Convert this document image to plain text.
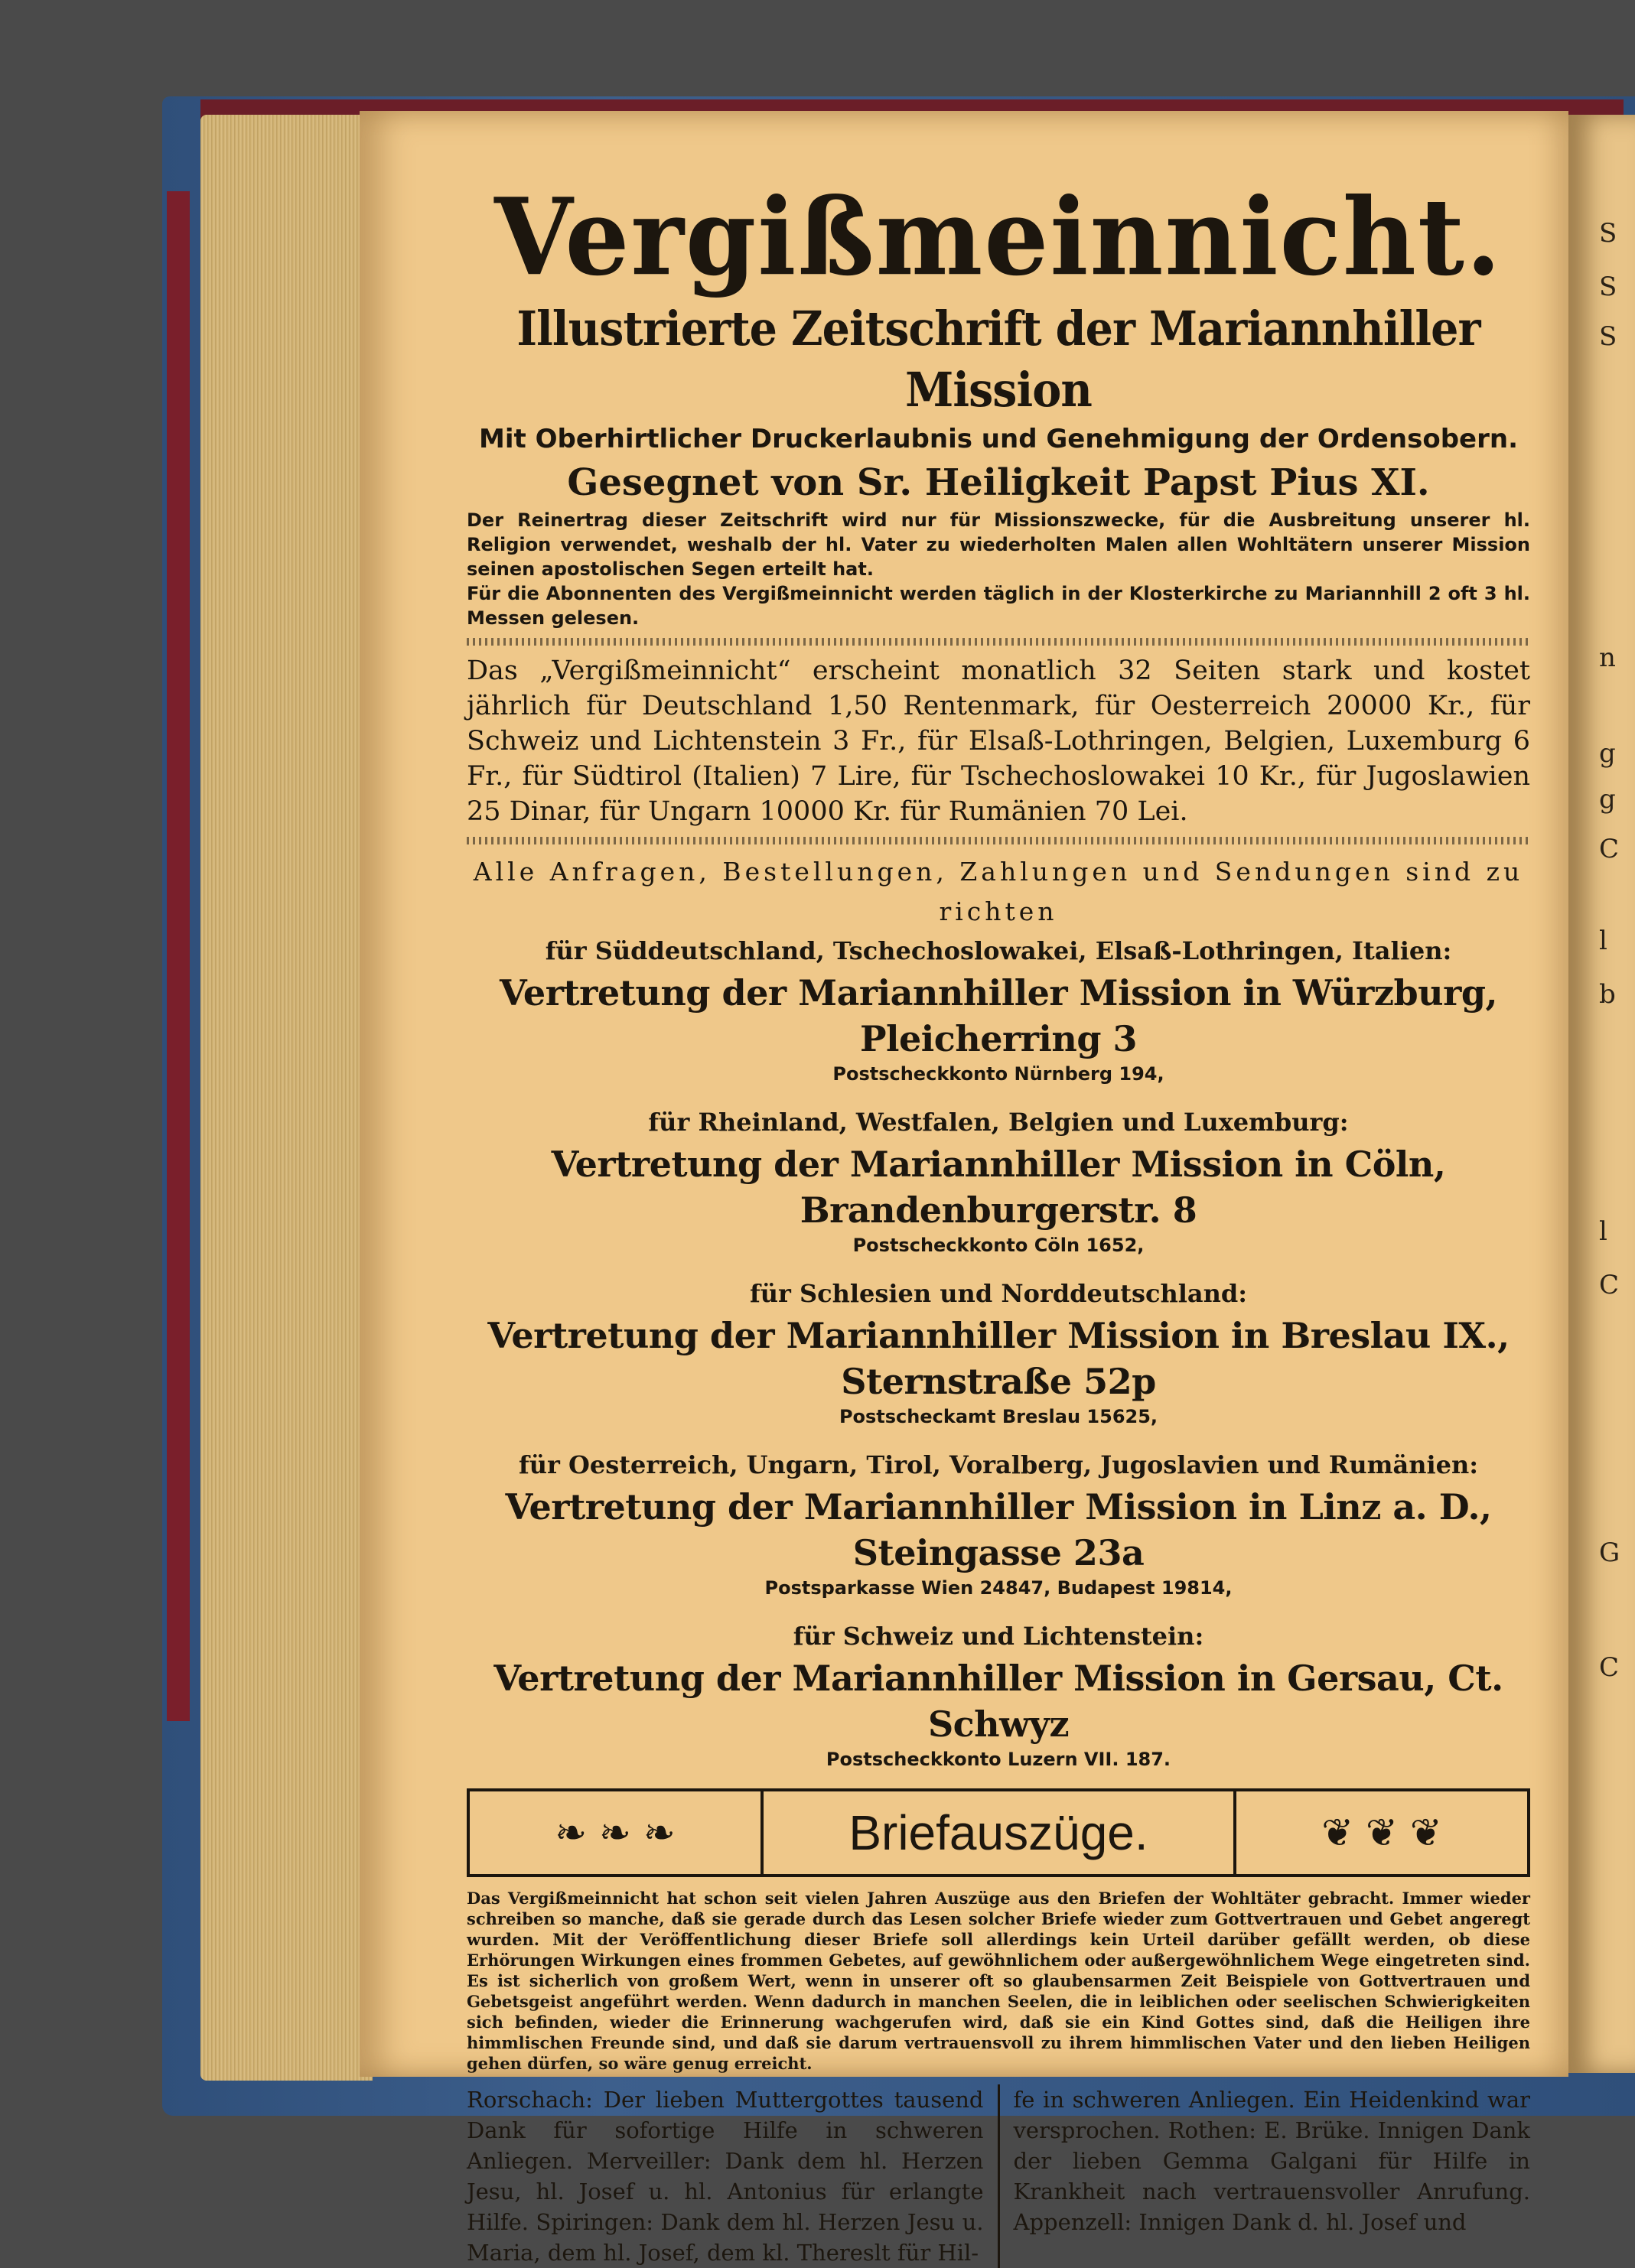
S
S
S
n
g
g
C
l
b
l
C
G
C
Vergißmeinnicht.
Illustrierte Zeitschrift der Mariannhiller Mission
Mit Oberhirtlicher Druckerlaubnis und Genehmigung der Ordensobern.
Gesegnet von Sr. Heiligkeit Papst Pius XI.
Der Reinertrag dieser Zeitschrift wird nur für Missionszwecke, für die Ausbreitung unserer hl. Religion verwendet, weshalb der hl. Vater zu wiederholten Malen allen Wohltätern unserer Mission seinen apostolischen Segen erteilt hat.
Für die Abonnenten des Vergißmeinnicht werden täglich in der Klosterkirche zu Mariannhill 2 oft 3 hl. Messen gelesen.
Das „Vergißmeinnicht“ erscheint monatlich 32 Seiten stark und kostet jährlich für Deutschland 1,50 Rentenmark, für Oesterreich 20000 Kr., für Schweiz und Lichtenstein 3 Fr., für Elsaß-Lothringen, Belgien, Luxemburg 6 Fr., für Südtirol (Italien) 7 Lire, für Tschechoslowakei 10 Kr., für Jugoslawien 25 Dinar, für Ungarn 10000 Kr. für Rumänien 70 Lei.
Alle Anfragen, Bestellungen, Zahlungen und Sendungen sind zu richten
für Süddeutschland, Tschechoslowakei, Elsaß-Lothringen, Italien:
Vertretung der Mariannhiller Mission in Würzburg, Pleicherring 3
Postscheckkonto Nürnberg 194,
für Rheinland, Westfalen, Belgien und Luxemburg:
Vertretung der Mariannhiller Mission in Cöln, Brandenburgerstr. 8
Postscheckkonto Cöln 1652,
für Schlesien und Norddeutschland:
Vertretung der Mariannhiller Mission in Breslau IX., Sternstraße 52p
Postscheckamt Breslau 15625,
für Oesterreich, Ungarn, Tirol, Voralberg, Jugoslavien und Rumänien:
Vertretung der Mariannhiller Mission in Linz a. D., Steingasse 23a
Postsparkasse Wien 24847, Budapest 19814,
für Schweiz und Lichtenstein:
Vertretung der Mariannhiller Mission in Gersau, Ct. Schwyz
Postscheckkonto Luzern VII. 187.
❧ ❧ ❧	Briefauszüge.	❦ ❦ ❦
Das Vergißmeinnicht hat schon seit vielen Jahren Auszüge aus den Briefen der Wohltäter gebracht. Immer wieder schreiben so manche, daß sie gerade durch das Lesen solcher Briefe wieder zum Gottvertrauen und Gebet angeregt wurden. Mit der Veröffentlichung dieser Briefe soll allerdings kein Urteil darüber gefällt werden, ob diese Erhörungen Wirkungen eines frommen Gebetes, auf gewöhnlichem oder außergewöhnlichem Wege eingetreten sind. Es ist sicherlich von großem Wert, wenn in unserer oft so glaubensarmen Zeit Beispiele von Gottvertrauen und Gebetsgeist angeführt werden. Wenn dadurch in manchen Seelen, die in leiblichen oder seelischen Schwierigkeiten sich befinden, wieder die Erinnerung wachgerufen wird, daß sie ein Kind Gottes sind, daß die Heiligen ihre himmlischen Freunde sind, und daß sie darum vertrauensvoll zu ihrem himmlischen Vater und den lieben Heiligen gehen dürfen, so wäre genug erreicht.
Rorschach: Der lieben Muttergottes tausend Dank für sofortige Hilfe in schweren Anliegen. Merveiller: Dank dem hl. Herzen Jesu, hl. Josef u. hl. Antonius für erlangte Hilfe. Spiringen: Dank dem hl. Herzen Jesu u. Maria, dem hl. Josef, dem kl. Thereslt für Hil-
fe in schweren Anliegen. Ein Heidenkind war versprochen. Rothen: E. Brüke. Innigen Dank der lieben Gemma Galgani für Hilfe in Krankheit nach vertrauensvoller Anrufung. Appenzell: Innigen Dank d. hl. Josef und
